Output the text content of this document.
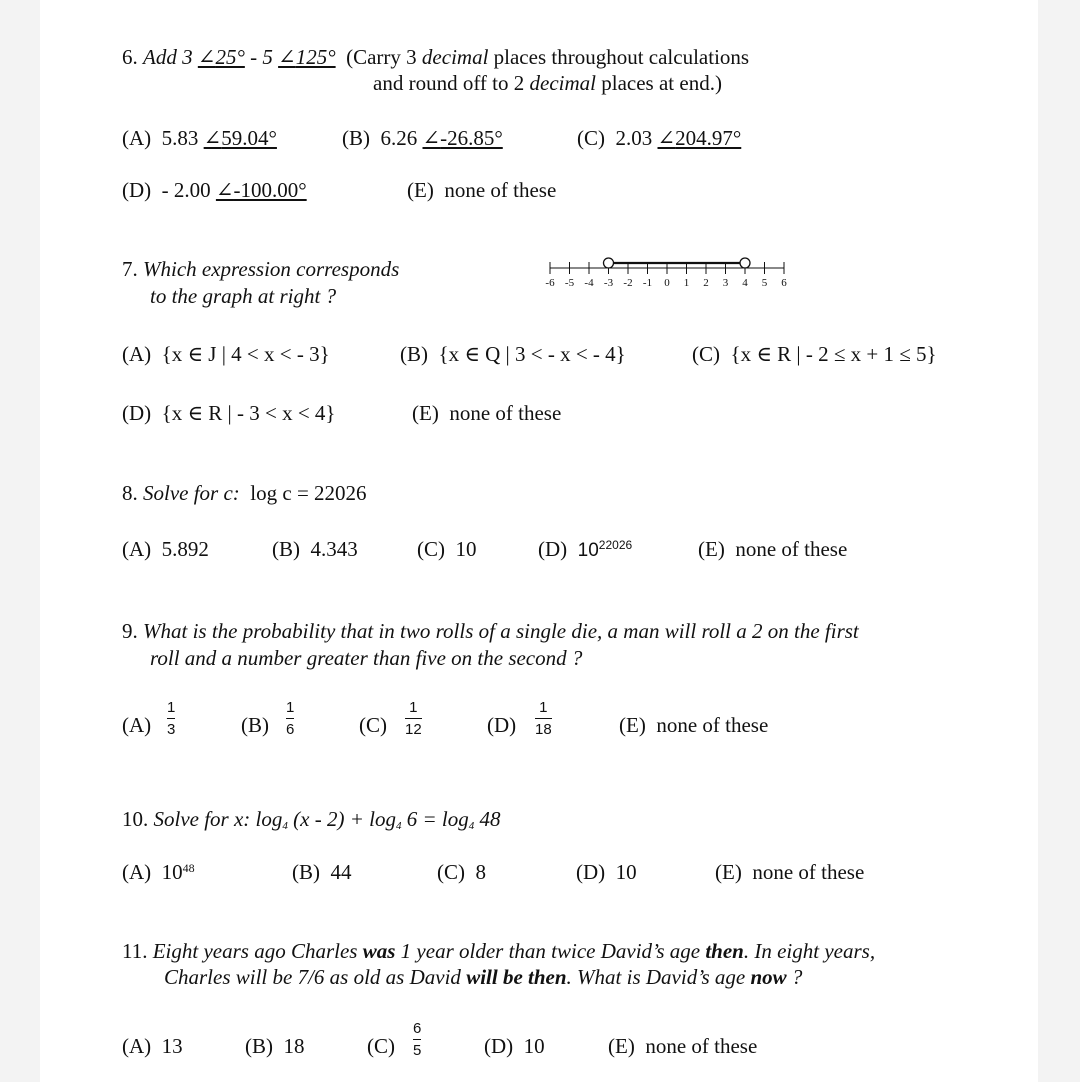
6. Add 3 ∠25° - 5 ∠125° (Carry 3 decimal places throughout calculations
and round off to 2 decimal places at end.)
(A) 5.83 ∠59.04°	(B) 6.26 ∠-26.85°	(C) 2.03 ∠204.97°
(D) - 2.00 ∠-100.00°	(E) none of these
7. Which expression corresponds
to the graph at right ?
-6 -5 -4 -3 -2 -1 0 1 2 3 4 5 6
(A) {x ∈ J | 4 < x < - 3}	(B) {x ∈ Q | 3 < - x < - 4}	(C) {x ∈ R | - 2 ≤ x + 1 ≤ 5}
(D) {x ∈ R | - 3 < x < 4}	(E) none of these
8. Solve for c: log c = 22026
(A) 5.892	(B) 4.343	(C) 10	(D) $10^{22026}$	(E) none of these
9. What is the probability that in two rolls of a single die, a man will roll a 2 on the first
roll and a number greater than five on the second ?
(A)
1
3	(B)
1
6	(C)
1
12	(D)
1
18	(E) none of these
10. Solve for x: $\log_4 (x - 2) + \log_4 6 = \log_4 48$
(A) $10^{48}$	(B) 44	(C) 8	(D) 10	(E) none of these
11. Eight years ago Charles was 1 year older than twice David’s age then. In eight years,
Charles will be 7/6 as old as David will be then. What is David’s age now ?
(A) 13	(B) 18	(C)
6
5	(D) 10	(E) none of these
